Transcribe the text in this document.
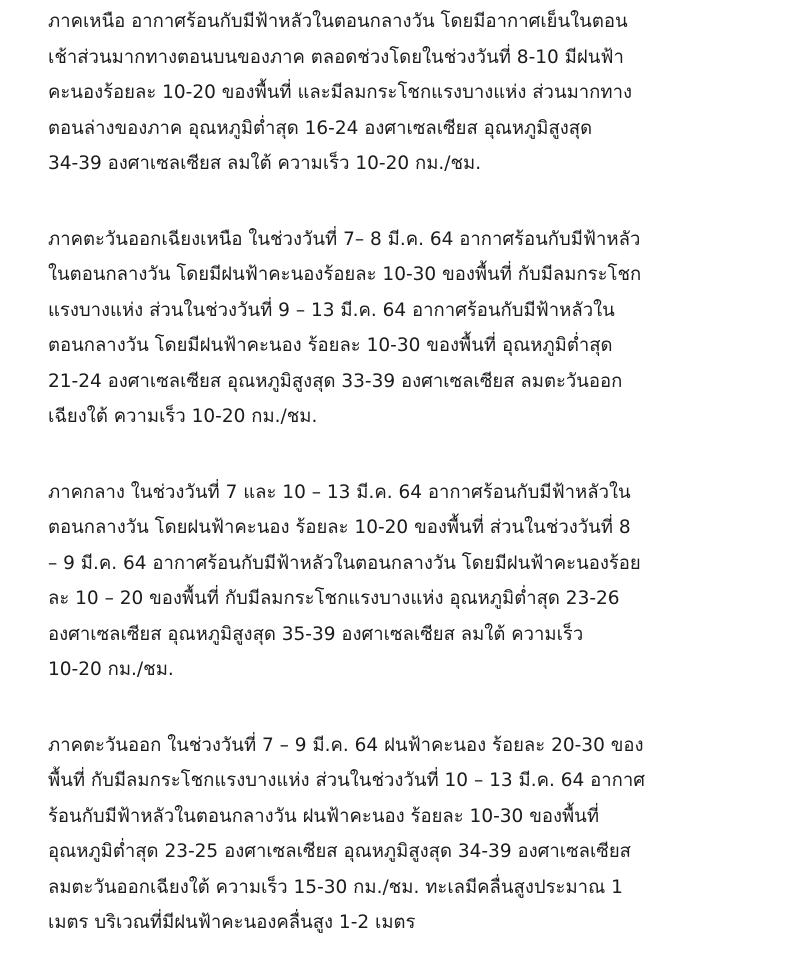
ภาคเหนือ อากาศร้อนกับมีฟ้าหลัวในตอนกลางวัน โดยมีอากาศเย็นในตอน
เช้าส่วนมากทางตอนบนของภาค ตลอดช่วงโดยในช่วงวันที่ 8-10 มีฝนฟ้า
คะนองร้อยละ 10-20 ของพื้นที่ และมีลมกระโชกแรงบางแห่ง ส่วนมากทาง
ตอนล่างของภาค อุณหภูมิต่ำสุด 16-24 องศาเซลเซียส อุณหภูมิสูงสุด
34-39 องศาเซลเซียส ลมใต้ ความเร็ว 10-20 กม./ชม.

ภาคตะวันออกเฉียงเหนือ ในช่วงวันที่ 7– 8 มี.ค. 64 อากาศร้อนกับมีฟ้าหลัว
ในตอนกลางวัน โดยมีฝนฟ้าคะนองร้อยละ 10-30 ของพื้นที่ กับมีลมกระโชก
แรงบางแห่ง ส่วนในช่วงวันที่ 9 – 13 มี.ค. 64 อากาศร้อนกับมีฟ้าหลัวใน
ตอนกลางวัน โดยมีฝนฟ้าคะนอง ร้อยละ 10-30 ของพื้นที่ อุณหภูมิต่ำสุด
21-24 องศาเซลเซียส อุณหภูมิสูงสุด 33-39 องศาเซลเซียส ลมตะวันออก
เฉียงใต้ ความเร็ว 10-20 กม./ชม.

ภาคกลาง ในช่วงวันที่ 7 และ 10 – 13 มี.ค. 64 อากาศร้อนกับมีฟ้าหลัวใน
ตอนกลางวัน โดยฝนฟ้าคะนอง ร้อยละ 10-20 ของพื้นที่ ส่วนในช่วงวันที่ 8
– 9 มี.ค. 64 อากาศร้อนกับมีฟ้าหลัวในตอนกลางวัน โดยมีฝนฟ้าคะนองร้อย
ละ 10 – 20 ของพื้นที่ กับมีลมกระโชกแรงบางแห่ง อุณหภูมิต่ำสุด 23-26
องศาเซลเซียส อุณหภูมิสูงสุด 35-39 องศาเซลเซียส ลมใต้ ความเร็ว
10-20 กม./ชม.

ภาคตะวันออก ในช่วงวันที่ 7 – 9 มี.ค. 64 ฝนฟ้าคะนอง ร้อยละ 20-30 ของ
พื้นที่ กับมีลมกระโชกแรงบางแห่ง ส่วนในช่วงวันที่ 10 – 13 มี.ค. 64 อากาศ
ร้อนกับมีฟ้าหลัวในตอนกลางวัน ฝนฟ้าคะนอง ร้อยละ 10-30 ของพื้นที่
อุณหภูมิต่ำสุด 23-25 องศาเซลเซียส อุณหภูมิสูงสุด 34-39 องศาเซลเซียส
ลมตะวันออกเฉียงใต้ ความเร็ว 15-30 กม./ชม. ทะเลมีคลื่นสูงประมาณ 1
เมตร บริเวณที่มีฝนฟ้าคะนองคลื่นสูง 1-2 เมตร
